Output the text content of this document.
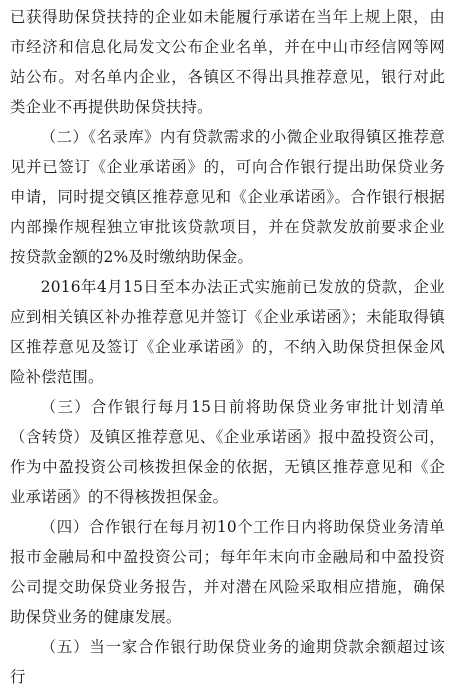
已获得助保贷扶持的企业如未能履行承诺在当年上规上限，由市经济和信息化局发文公布企业名单，并在中山市经信网等网站公布。对名单内企业，各镇区不得出具推荐意见，银行对此类企业不再提供助保贷扶持。

（二）《名录库》内有贷款需求的小微企业取得镇区推荐意见并已签订《企业承诺函》的，可向合作银行提出助保贷业务申请，同时提交镇区推荐意见和《企业承诺函》。合作银行根据内部操作规程独立审批该贷款项目，并在贷款发放前要求企业按贷款金额的2%及时缴纳助保金。

2016年4月15日至本办法正式实施前已发放的贷款，企业应到相关镇区补办推荐意见并签订《企业承诺函》；未能取得镇区推荐意见及签订《企业承诺函》的，不纳入助保贷担保金风险补偿范围。

（三）合作银行每月15日前将助保贷业务审批计划清单（含转贷）及镇区推荐意见、《企业承诺函》报中盈投资公司，作为中盈投资公司核拨担保金的依据，无镇区推荐意见和《企业承诺函》的不得核拨担保金。

（四）合作银行在每月初10个工作日内将助保贷业务清单报市金融局和中盈投资公司；每年年末向市金融局和中盈投资公司提交助保贷业务报告，并对潜在风险采取相应措施，确保助保贷业务的健康发展。

（五）当一家合作银行助保贷业务的逾期贷款余额超过该行
